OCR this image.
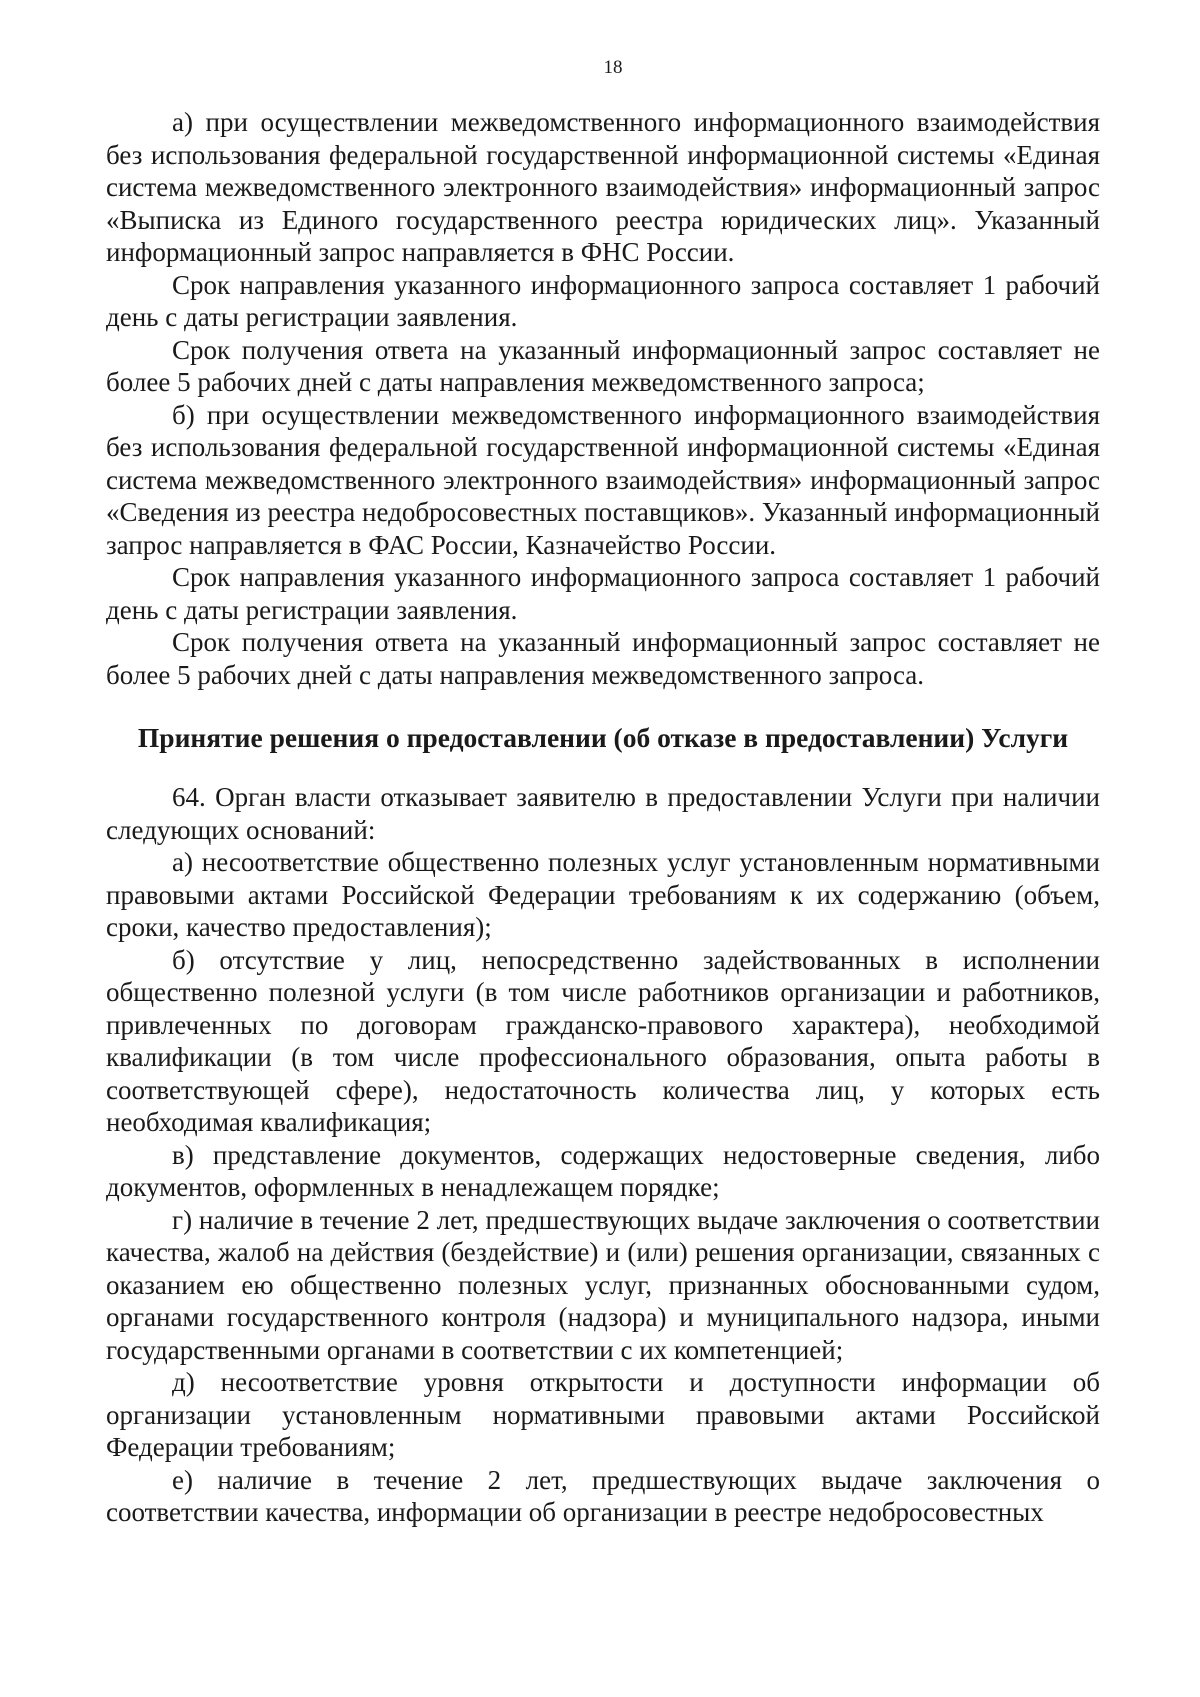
18

а) при осуществлении межведомственного информационного взаимодействия без использования федеральной государственной информационной системы «Единая система межведомственного электронного взаимодействия» информационный запрос «Выписка из Единого государственного реестра юридических лиц». Указанный информационный запрос направляется в ФНС России.

Срок направления указанного информационного запроса составляет 1 рабочий день с даты регистрации заявления.

Срок получения ответа на указанный информационный запрос составляет не более 5 рабочих дней с даты направления межведомственного запроса;

б) при осуществлении межведомственного информационного взаимодействия без использования федеральной государственной информационной системы «Единая система межведомственного электронного взаимодействия» информационный запрос «Сведения из реестра недобросовестных поставщиков». Указанный информационный запрос направляется в ФАС России, Казначейство России.

Срок направления указанного информационного запроса составляет 1 рабочий день с даты регистрации заявления.

Срок получения ответа на указанный информационный запрос составляет не более 5 рабочих дней с даты направления межведомственного запроса.

Принятие решения о предоставлении (об отказе в предоставлении) Услуги

64. Орган власти отказывает заявителю в предоставлении Услуги при наличии следующих оснований:

а) несоответствие общественно полезных услуг установленным нормативными правовыми актами Российской Федерации требованиям к их содержанию (объем, сроки, качество предоставления);

б) отсутствие у лиц, непосредственно задействованных в исполнении общественно полезной услуги (в том числе работников организации и работников, привлеченных по договорам гражданско-правового характера), необходимой квалификации (в том числе профессионального образования, опыта работы в соответствующей сфере), недостаточность количества лиц, у которых есть необходимая квалификация;

в) представление документов, содержащих недостоверные сведения, либо документов, оформленных в ненадлежащем порядке;

г) наличие в течение 2 лет, предшествующих выдаче заключения о соответствии качества, жалоб на действия (бездействие) и (или) решения организации, связанных с оказанием ею общественно полезных услуг, признанных обоснованными судом, органами государственного контроля (надзора) и муниципального надзора, иными государственными органами в соответствии с их компетенцией;

д) несоответствие уровня открытости и доступности информации об организации установленным нормативными правовыми актами Российской Федерации требованиям;

е) наличие в течение 2 лет, предшествующих выдаче заключения о соответствии качества, информации об организации в реестре недобросовестных
